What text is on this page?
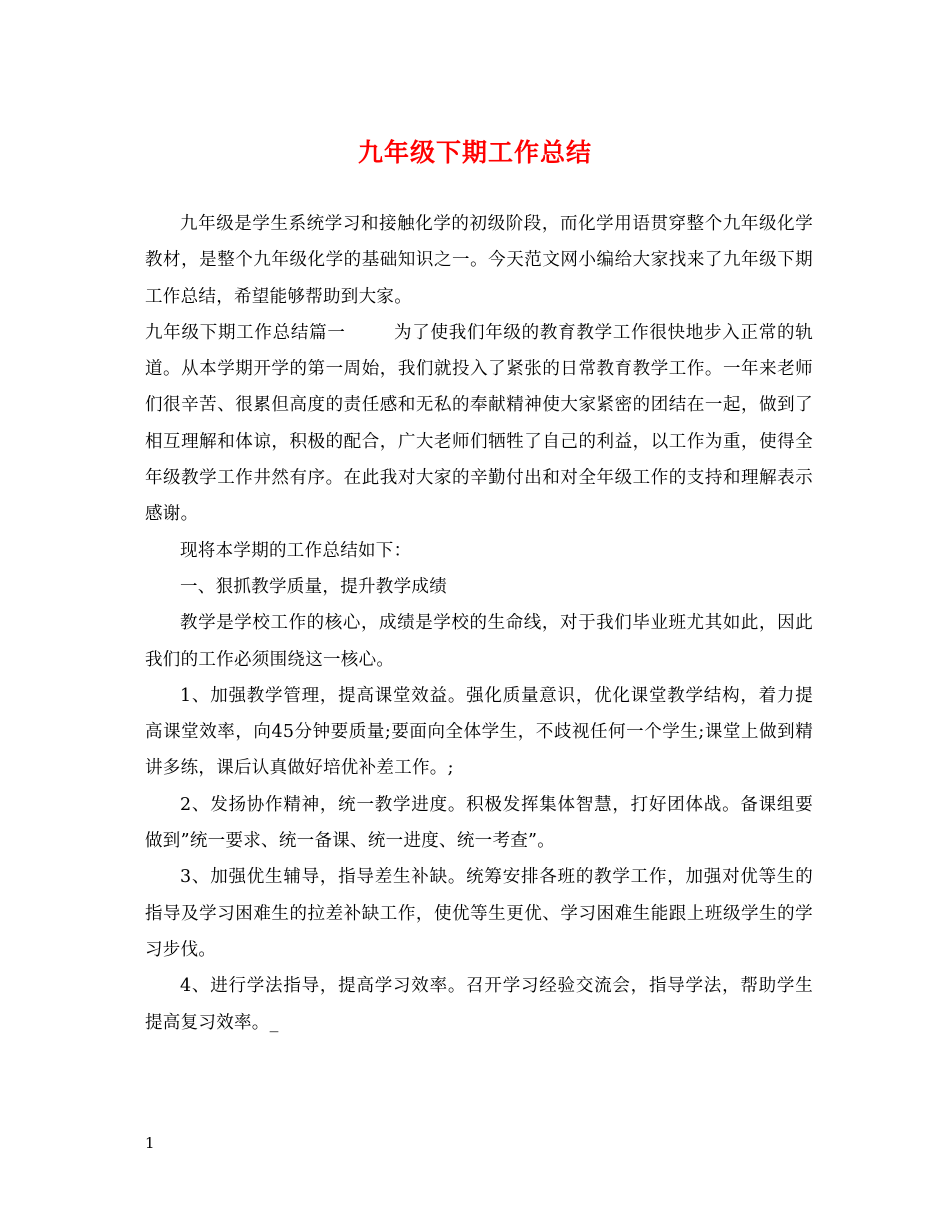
九年级下期工作总结

九年级是学生系统学习和接触化学的初级阶段，而化学用语贯穿整个九年级化学教材，是整个九年级化学的基础知识之一。今天范文网小编给大家找来了九年级下期工作总结，希望能够帮助到大家。

九年级下期工作总结篇一	为了使我们年级的教育教学工作很快地步入正常的轨道。从本学期开学的第一周始，我们就投入了紧张的日常教育教学工作。一年来老师们很辛苦、很累但高度的责任感和无私的奉献精神使大家紧密的团结在一起，做到了相互理解和体谅，积极的配合，广大老师们牺牲了自己的利益，以工作为重，使得全年级教学工作井然有序。在此我对大家的辛勤付出和对全年级工作的支持和理解表示感谢。

现将本学期的工作总结如下：

一、狠抓教学质量，提升教学成绩

教学是学校工作的核心，成绩是学校的生命线，对于我们毕业班尤其如此，因此我们的工作必须围绕这一核心。

1、加强教学管理，提高课堂效益。强化质量意识，优化课堂教学结构，着力提高课堂效率，向45分钟要质量;要面向全体学生，不歧视任何一个学生;课堂上做到精讲多练，课后认真做好培优补差工作。;

2、发扬协作精神，统一教学进度。积极发挥集体智慧，打好团体战。备课组要做到”统一要求、统一备课、统一进度、统一考查”。

3、加强优生辅导，指导差生补缺。统筹安排各班的教学工作，加强对优等生的指导及学习困难生的拉差补缺工作，使优等生更优、学习困难生能跟上班级学生的学习步伐。

4、进行学法指导，提高学习效率。召开学习经验交流会，指导学法，帮助学生提高复习效率。_

1
